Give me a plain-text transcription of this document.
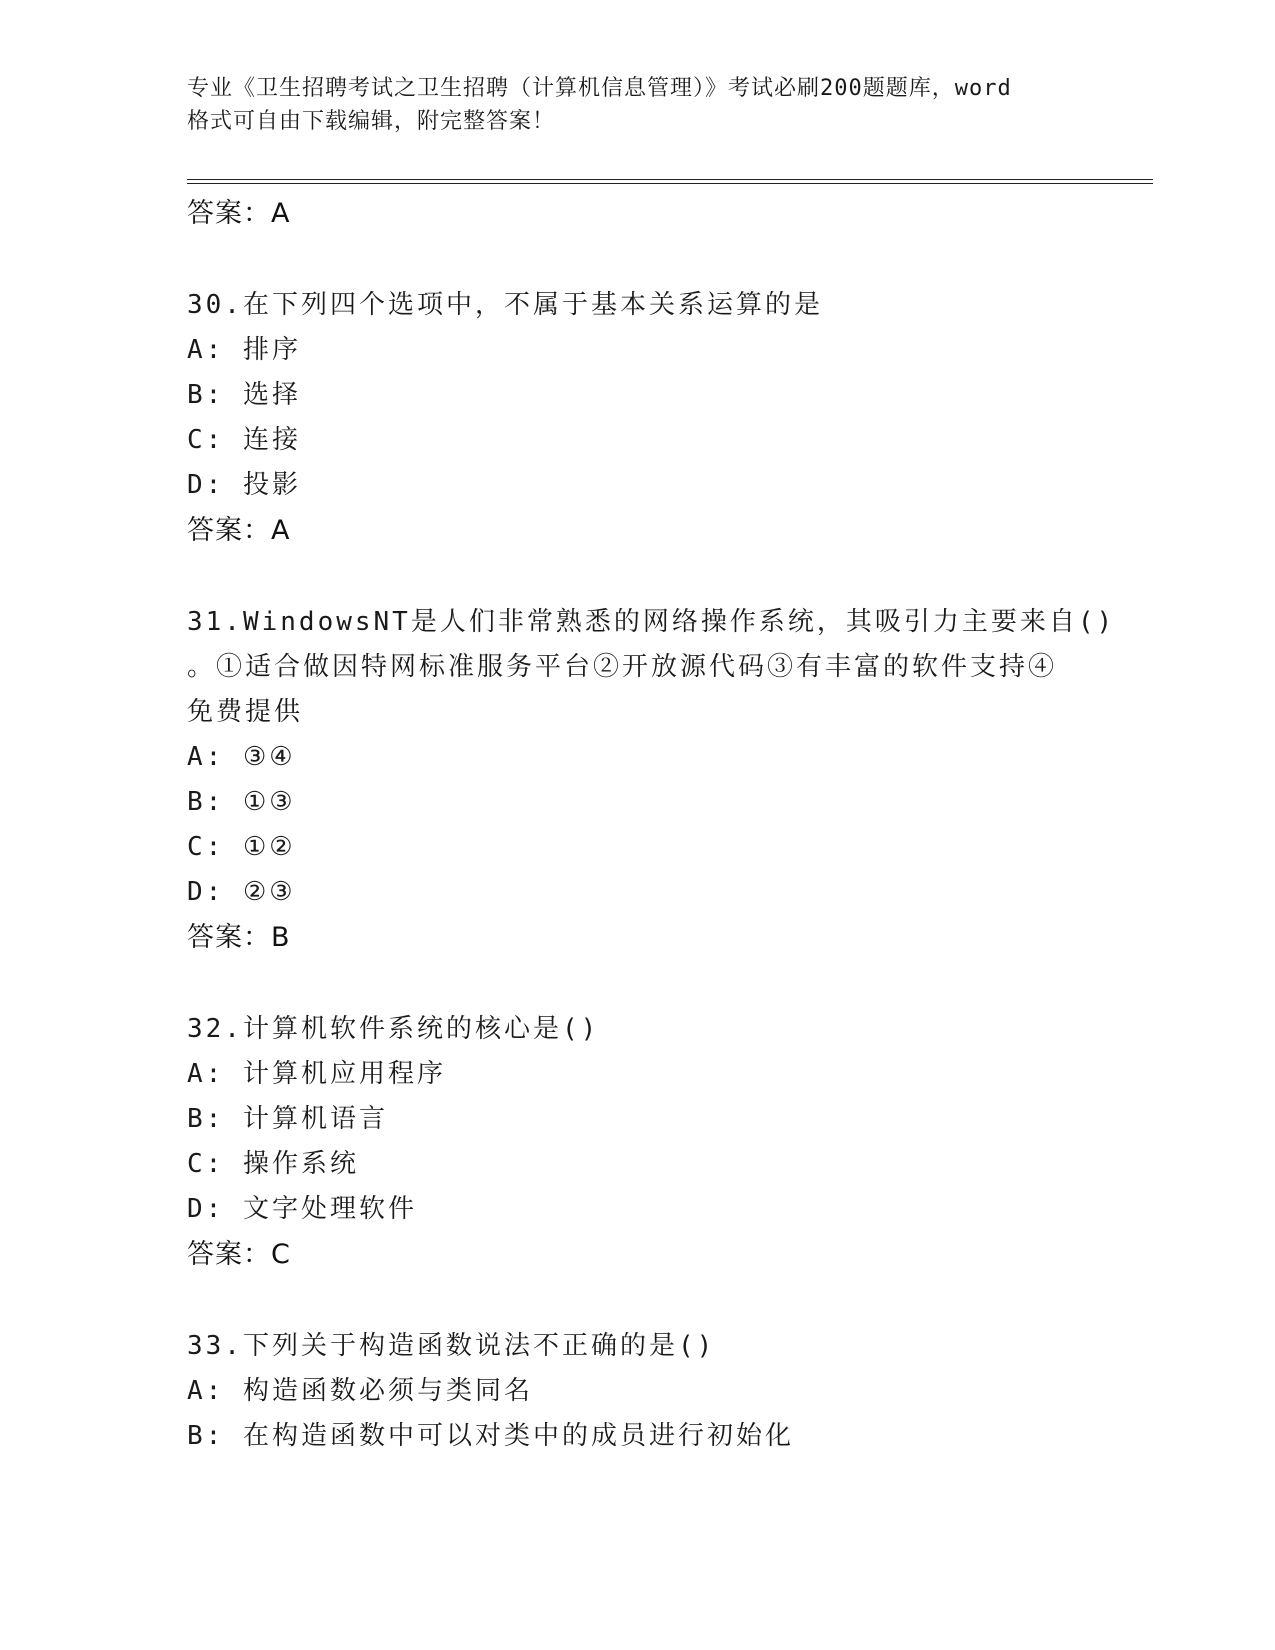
专业《卫生招聘考试之卫生招聘（计算机信息管理）》考试必刷200题题库，word
格式可自由下载编辑，附完整答案！
答案：A
30.在下列四个选项中，不属于基本关系运算的是
A: 排序
B: 选择
C: 连接
D: 投影
答案：A
31.WindowsNT是人们非常熟悉的网络操作系统，其吸引力主要来自()
。①适合做因特网标准服务平台②开放源代码③有丰富的软件支持④
免费提供
A: ③④
B: ①③
C: ①②
D: ②③
答案：B
32.计算机软件系统的核心是()
A: 计算机应用程序
B: 计算机语言
C: 操作系统
D: 文字处理软件
答案：C
33.下列关于构造函数说法不正确的是()
A: 构造函数必须与类同名
B: 在构造函数中可以对类中的成员进行初始化
